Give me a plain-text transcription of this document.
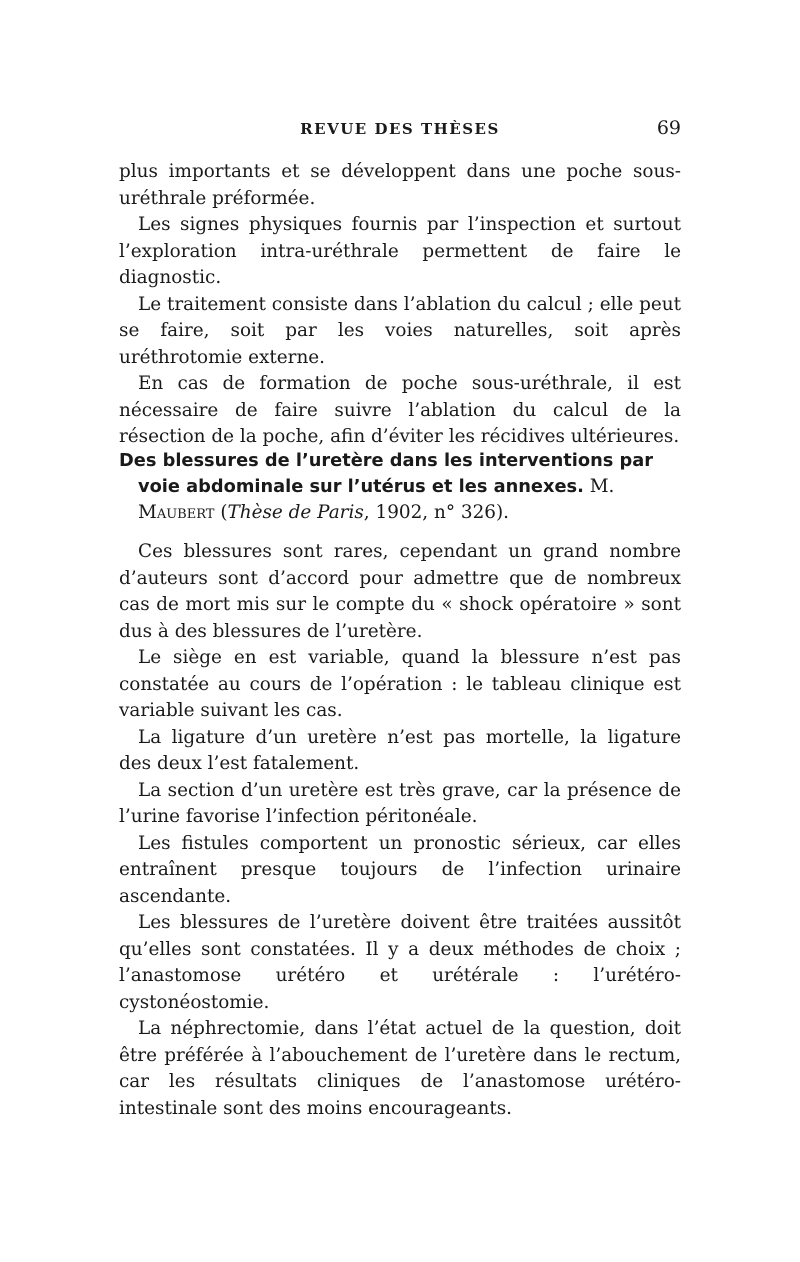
REVUE DES THÈSES	69

plus importants et se développent dans une poche sous-uréthrale préformée.

Les signes physiques fournis par l’inspection et surtout l’exploration intra-uréthrale permettent de faire le diagnostic.

Le traitement consiste dans l’ablation du calcul ; elle peut se faire, soit par les voies naturelles, soit après uréthrotomie externe.

En cas de formation de poche sous-uréthrale, il est nécessaire de faire suivre l’ablation du calcul de la résection de la poche, afin d’éviter les récidives ultérieures.

Des blessures de l’uretère dans les interventions par voie abdominale sur l’utérus et les annexes. M. Maubert (Thèse de Paris, 1902, n° 326).

Ces blessures sont rares, cependant un grand nombre d’auteurs sont d’accord pour admettre que de nombreux cas de mort mis sur le compte du « shock opératoire » sont dus à des blessures de l’uretère.

Le siège en est variable, quand la blessure n’est pas constatée au cours de l’opération : le tableau clinique est variable suivant les cas.

La ligature d’un uretère n’est pas mortelle, la ligature des deux l’est fatalement.

La section d’un uretère est très grave, car la présence de l’urine favorise l’infection péritonéale.

Les fistules comportent un pronostic sérieux, car elles entraînent presque toujours de l’infection urinaire ascendante.

Les blessures de l’uretère doivent être traitées aussitôt qu’elles sont constatées. Il y a deux méthodes de choix ; l’anastomose urétéro et urétérale : l’urétéro-cystonéostomie.

La néphrectomie, dans l’état actuel de la question, doit être préférée à l’abouchement de l’uretère dans le rectum, car les résultats cliniques de l’anastomose urétéro-intestinale sont des moins encourageants.
